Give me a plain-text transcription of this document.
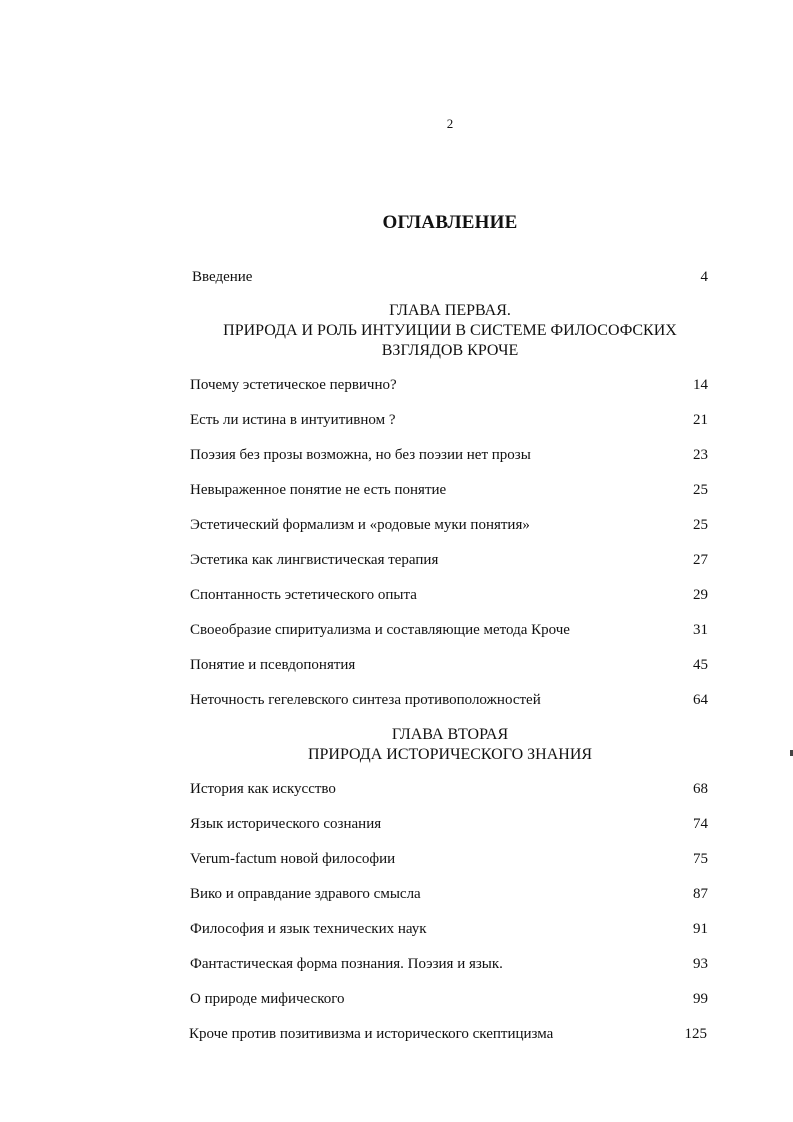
2
ОГЛАВЛЕНИЕ
Введение	4
ГЛАВА ПЕРВАЯ.
ПРИРОДА И РОЛЬ ИНТУИЦИИ В СИСТЕМЕ ФИЛОСОФСКИХ
ВЗГЛЯДОВ КРОЧЕ
Почему эстетическое первично?	14
Есть ли истина в интуитивном ?	21
Поэзия без прозы возможна, но без поэзии нет прозы	23
Невыраженное понятие не есть понятие	25
Эстетический формализм и «родовые муки понятия»	25
Эстетика как лингвистическая терапия	27
Спонтанность эстетического опыта	29
Своеобразие спиритуализма и составляющие метода Кроче	31
Понятие и псевдопонятия	45
Неточность гегелевского синтеза противоположностей	64
ГЛАВА ВТОРАЯ
ПРИРОДА ИСТОРИЧЕСКОГО ЗНАНИЯ
История как искусство	68
Язык исторического сознания	74
Verum-factum новой философии	75
Вико и оправдание здравого смысла	87
Философия и язык технических наук	91
Фантастическая форма познания. Поэзия и язык.	93
О природе мифического	99
Кроче против позитивизма и исторического скептицизма	125
